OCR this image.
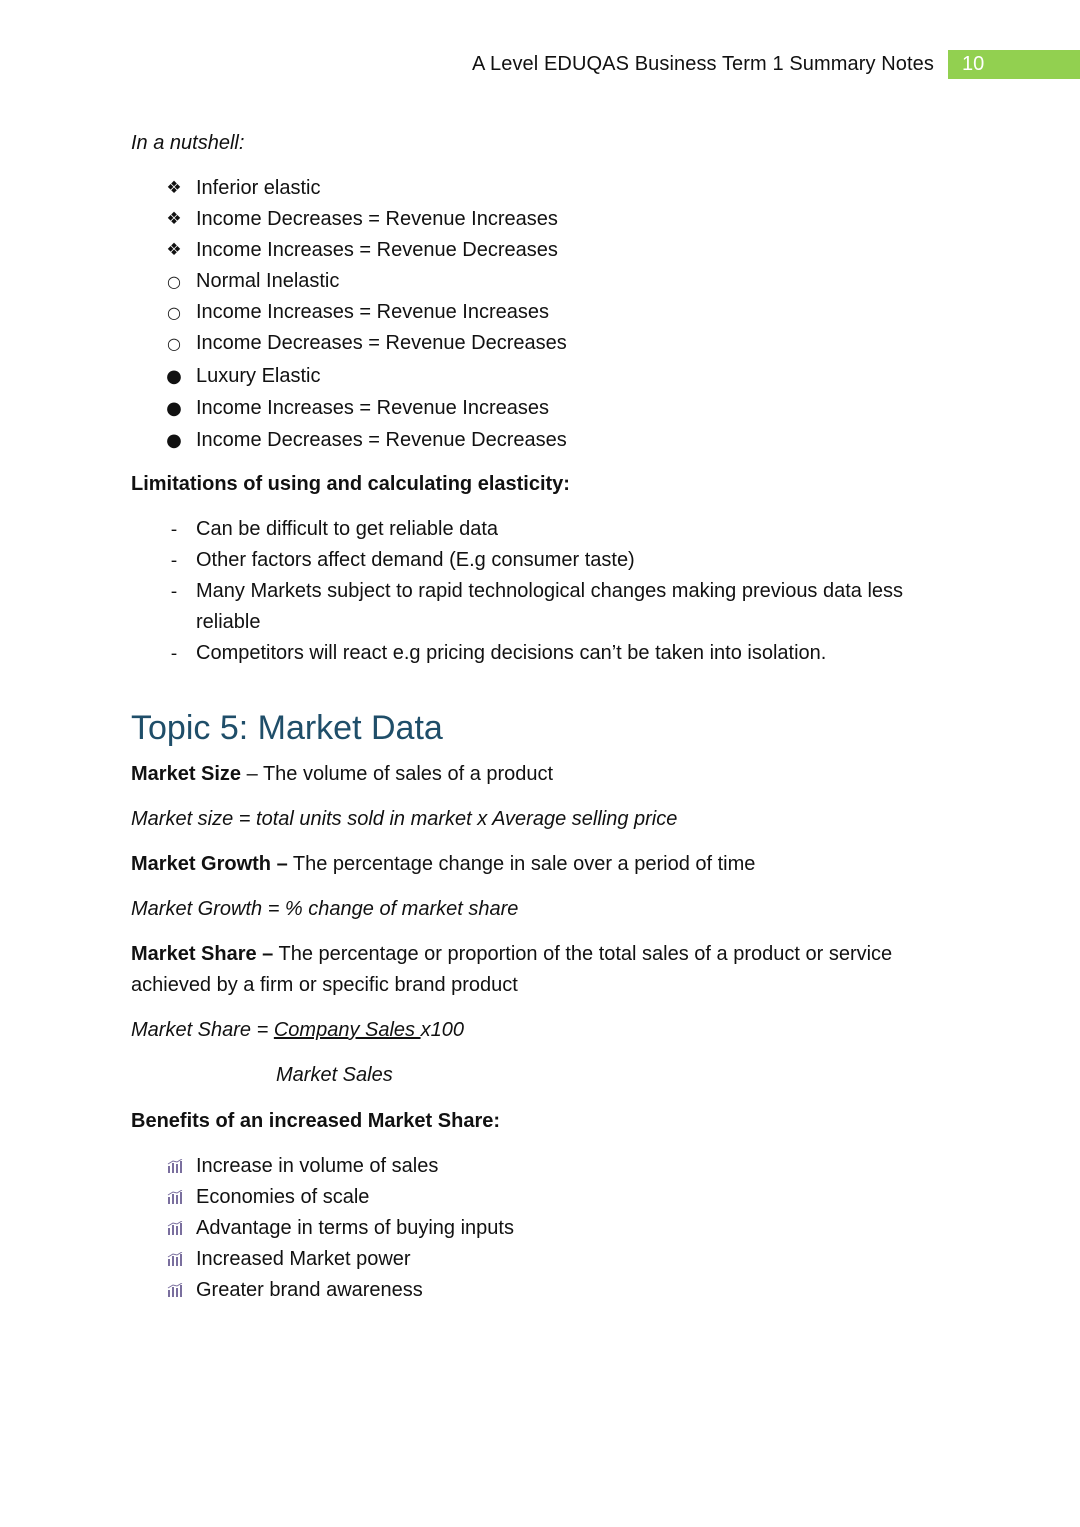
A Level EDUQAS Business Term 1 Summary Notes	10

In a nutshell:

❖ Inferior elastic
❖ Income Decreases = Revenue Increases
❖ Income Increases = Revenue Decreases
○ Normal Inelastic
○ Income Increases = Revenue Increases
○ Income Decreases = Revenue Decreases
● Luxury Elastic
● Income Increases = Revenue Increases
● Income Decreases = Revenue Decreases

Limitations of using and calculating elasticity:

- Can be difficult to get reliable data
- Other factors affect demand (E.g consumer taste)
- Many Markets subject to rapid technological changes making previous data less reliable
- Competitors will react e.g pricing decisions can’t be taken into isolation.
Topic 5: Market Data

Market Size – The volume of sales of a product

Market size = total units sold in market x Average selling price

Market Growth – The percentage change in sale over a period of time

Market Growth = % change of market share

Market Share – The percentage or proportion of the total sales of a product or service achieved by a firm or specific brand product

Market Share = Company Sales x100

Market Sales

Benefits of an increased Market Share:

Increase in volume of sales
Economies of scale
Advantage in terms of buying inputs
Increased Market power
Greater brand awareness
